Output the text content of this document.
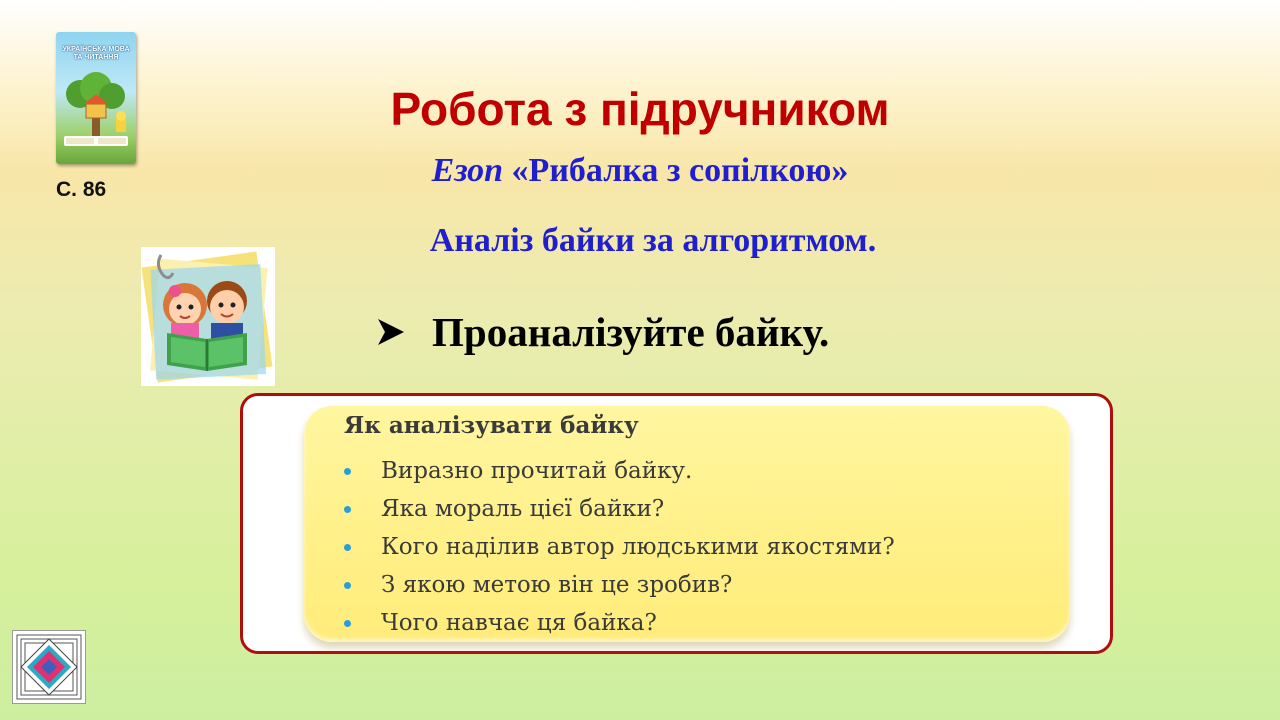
УКРАЇНСЬКА МОВА
ТА ЧИТАННЯ
С. 86
Робота з підручником
Езоп «Рибалка з сопілкою»
Аналіз байки за алгоритмом.
Проаналізуйте байку.
Як аналізувати байку
Виразно прочитай байку.
Яка мораль цієї байки?
Кого наділив автор людськими якостями?
З якою метою він це зробив?
Чого навчає ця байка?
